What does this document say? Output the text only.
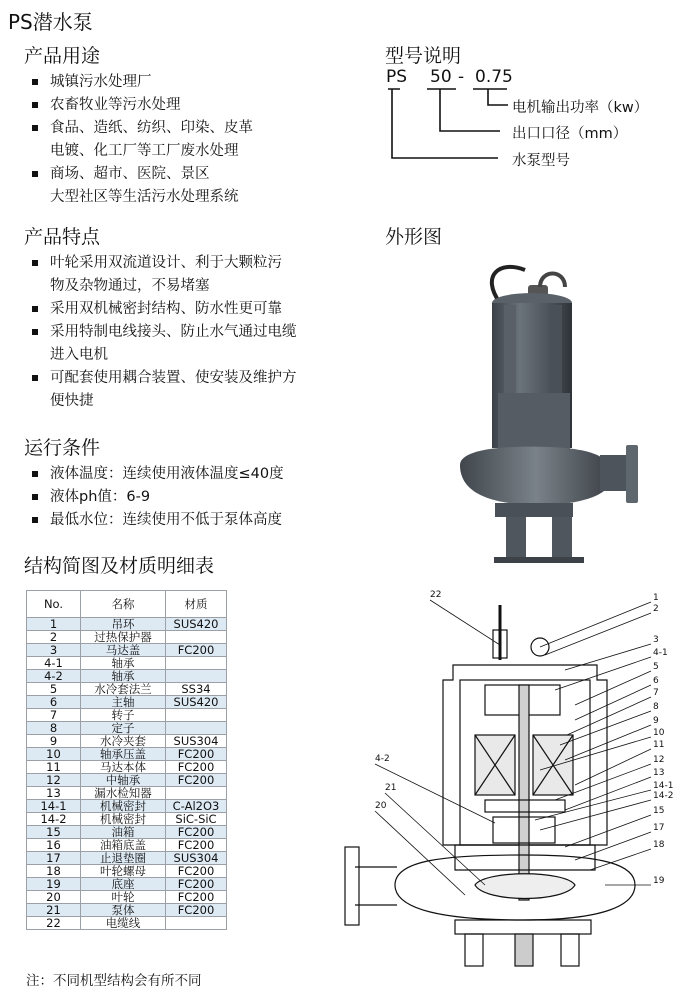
PS潜水泵
产品用途
城镇污水处理厂
农畜牧业等污水处理
食品、造纸、纺织、印染、皮革
电镀、化工厂等工厂废水处理
商场、超市、医院、景区
大型社区等生活污水处理系统
型号说明
PS 50 - 0.75
电机输出功率（kw）
出口口径（mm）
水泵型号
产品特点
叶轮采用双流道设计、利于大颗粒污
物及杂物通过，不易堵塞
采用双机械密封结构、防水性更可靠
采用特制电线接头、防止水气通过电缆
进入电机
可配套使用耦合装置、使安装及维护方
便快捷
外形图
运行条件
液体温度：连续使用液体温度≤40度
液体ph值：6-9
最低水位：连续使用不低于泵体高度
结构简图及材质明细表
No.	名称	材质
1	吊环	SUS420
2	过热保护器	
3	马达盖	FC200
4-1	轴承	
4-2	轴承	
5	水冷套法兰	SS34
6	主轴	SUS420
7	转子	
8	定子	
9	水冷夹套	SUS304
10	轴承压盖	FC200
11	马达本体	FC200
12	中轴承	FC200
13	漏水检知器	
14-1	机械密封	C-Al2O3
14-2	机械密封	SiC-SiC
15	油箱	FC200
16	油箱底盖	FC200
17	止退垫圈	SUS304
18	叶轮螺母	FC200
19	底座	FC200
20	叶轮	FC200
21	泵体	FC200
22	电缆线	
注：不同机型结构会有所不同
22
4-2
21
20
1
2
3
4-1
5
6
7
8
9
10
11
12
13
14-1
14-2
15
17
18
19
